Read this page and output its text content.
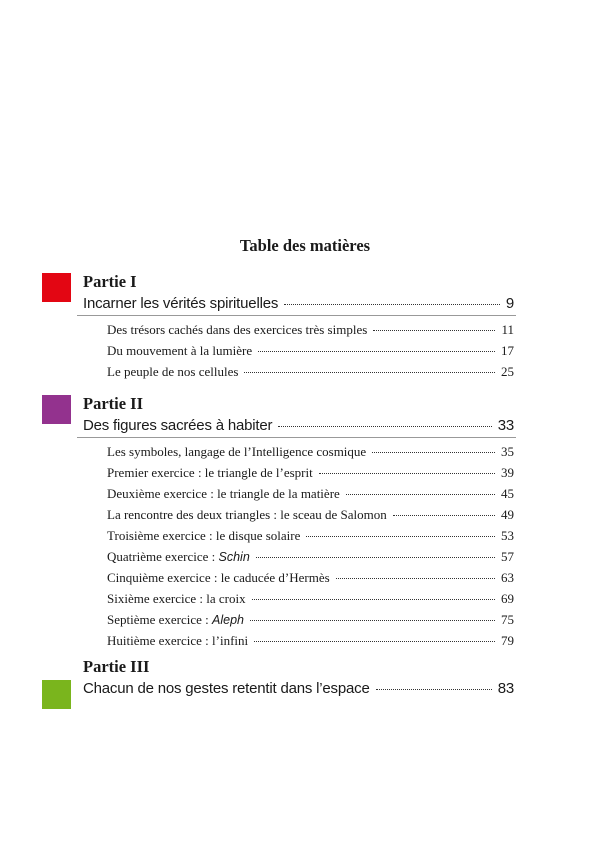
Table des matières
Partie I
Incarner les vérités spirituelles	9
Des trésors cachés dans des exercices très simples	11
Du mouvement à la lumière	17
Le peuple de nos cellules	25
Partie II
Des figures sacrées à habiter	33
Les symboles, langage de l’Intelligence cosmique	35
Premier exercice : le triangle de l’esprit	39
Deuxième exercice : le triangle de la matière	45
La rencontre des deux triangles : le sceau de Salomon	49
Troisième exercice : le disque solaire	53
Quatrième exercice : Schin	57
Cinquième exercice : le caducée d’Hermès	63
Sixième exercice : la croix	69
Septième exercice : Aleph	75
Huitième exercice : l’infini	79
Partie III
Chacun de nos gestes retentit dans l’espace	83
